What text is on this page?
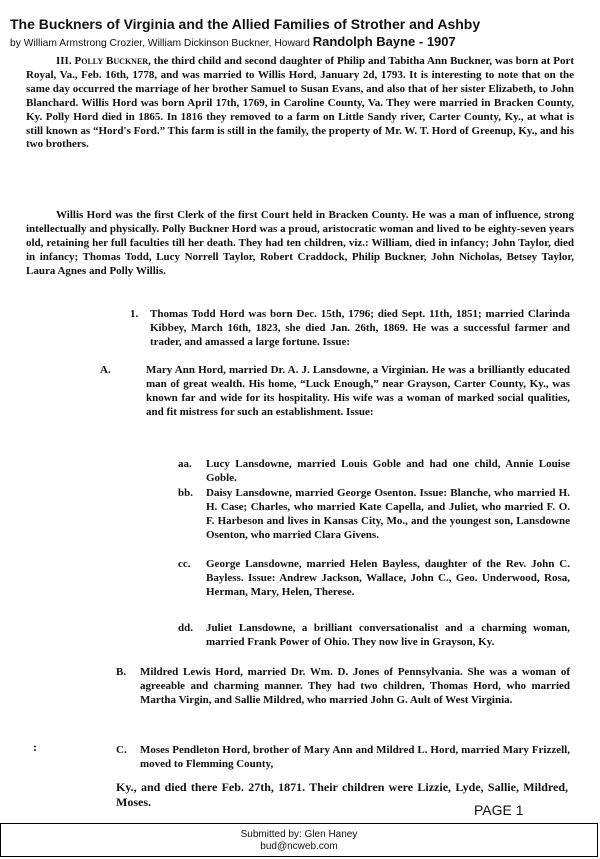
The Buckners of Virginia and the Allied Families of Strother and Ashby
by William Armstrong Crozier, William Dickinson Buckner, Howard Randolph Bayne - 1907

III. Polly Buckner, the third child and second daughter of Philip and Tabitha Ann Buckner, was born at Port Royal, Va., Feb. 16th, 1778, and was married to Willis Hord, January 2d, 1793. It is interesting to note that on the same day occurred the marriage of her brother Samuel to Susan Evans, and also that of her sister Elizabeth, to John Blanchard. Willis Hord was born April 17th, 1769, in Caroline County, Va. They were married in Bracken County, Ky. Polly Hord died in 1865. In 1816 they removed to a farm on Little Sandy river, Carter County, Ky., at what is still known as “Hord's Ford.” This farm is still in the family, the property of Mr. W. T. Hord of Greenup, Ky., and his two brothers.

Willis Hord was the first Clerk of the first Court held in Bracken County. He was a man of influence, strong intellectually and physically. Polly Buckner Hord was a proud, aristocratic woman and lived to be eighty-seven years old, retaining her full faculties till her death. They had ten children, viz.: William, died in infancy; John Taylor, died in infancy; Thomas Todd, Lucy Norrell Taylor, Robert Craddock, Philip Buckner, John Nicholas, Betsey Taylor, Laura Agnes and Polly Willis.

1. Thomas Todd Hord was born Dec. 15th, 1796; died Sept. 11th, 1851; married Clarinda Kibbey, March 16th, 1823, she died Jan. 26th, 1869. He was a successful farmer and trader, and amassed a large fortune. Issue:

A.	Mary Ann Hord, married Dr. A. J. Lansdowne, a Virginian. He was a brilliantly educated man of great wealth. His home, “Luck Enough,” near Grayson, Carter County, Ky., was known far and wide for its hospitality. His wife was a woman of marked social qualities, and fit mistress for such an establishment. Issue:

aa. Lucy Lansdowne, married Louis Goble and had one child, Annie Louise Goble.

bb. Daisy Lansdowne, married George Osenton. Issue: Blanche, who married H. H. Case; Charles, who married Kate Capella, and Juliet, who married F. O. F. Harbeson and lives in Kansas City, Mo., and the youngest son, Lansdowne Osenton, who married Clara Givens.

cc. George Lansdowne, married Helen Bayless, daughter of the Rev. John C. Bayless. Issue: Andrew Jackson, Wallace, John C., Geo. Underwood, Rosa, Herman, Mary, Helen, Therese.

dd. Juliet Lansdowne, a brilliant conversationalist and a charming woman, married Frank Power of Ohio. They now live in Grayson, Ky.

B. Mildred Lewis Hord, married Dr. Wm. D. Jones of Pennsylvania. She was a woman of agreeable and charming manner. They had two children, Thomas Hord, who married Martha Virgin, and Sallie Mildred, who married John G. Ault of West Virginia.

C. Moses Pendleton Hord, brother of Mary Ann and Mildred L. Hord, married Mary Frizzell, moved to Flemming County,

Ky., and died there Feb. 27th, 1871. Their children were Lizzie, Lyde, Sallie, Mildred, Moses.

:
PAGE 1
Submitted by: Glen Haney
bud@ncweb.com
